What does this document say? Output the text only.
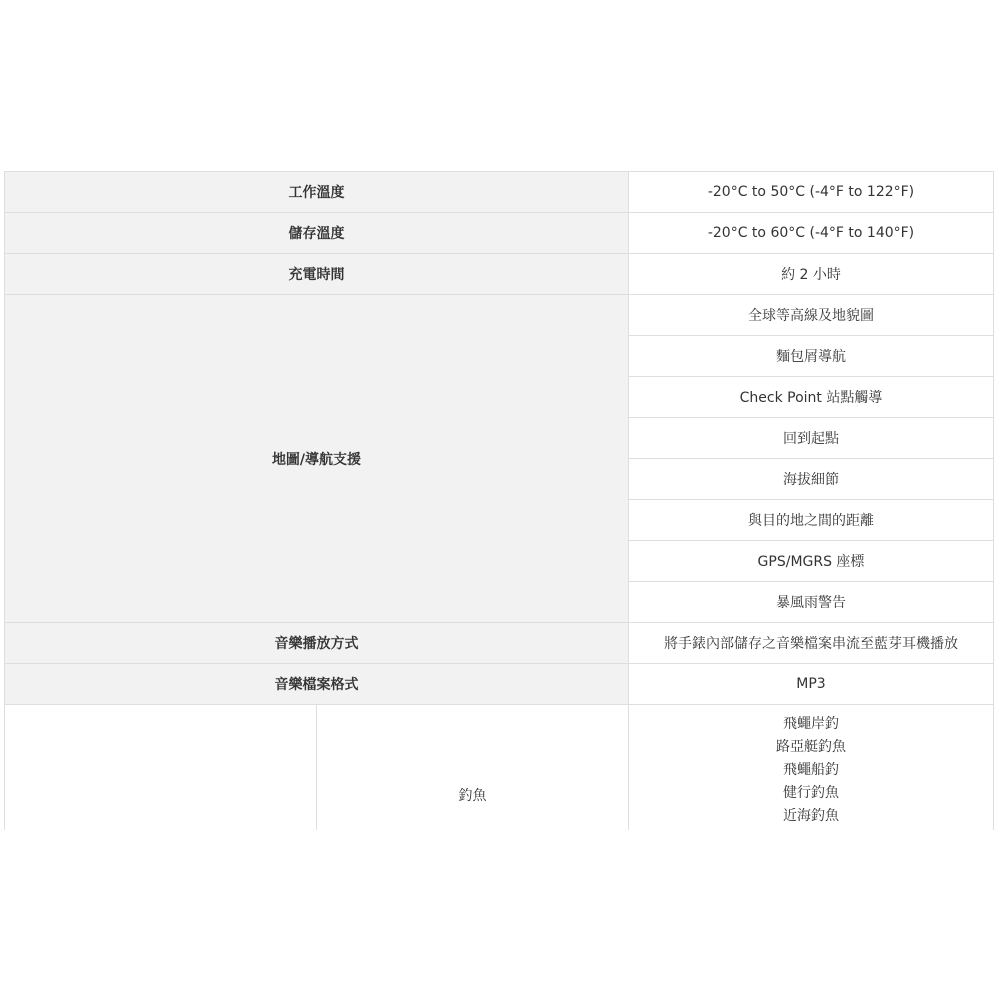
工作溫度		-20°C to 50°C (-4°F to 122°F)
儲存溫度		-20°C to 60°C (-4°F to 140°F)
充電時間		約 2 小時
地圖/導航支援		全球等高線及地貌圖
		麵包屑導航
		Check Point 站點觸導
		回到起點
		海拔細節
		與目的地之間的距離
		GPS/MGRS 座標
		暴風雨警告
音樂播放方式		將手錶內部儲存之音樂檔案串流至藍芽耳機播放
音樂檔案格式		MP3
	釣魚	飛蠅岸釣
路亞艇釣魚
飛蠅船釣
健行釣魚
近海釣魚
